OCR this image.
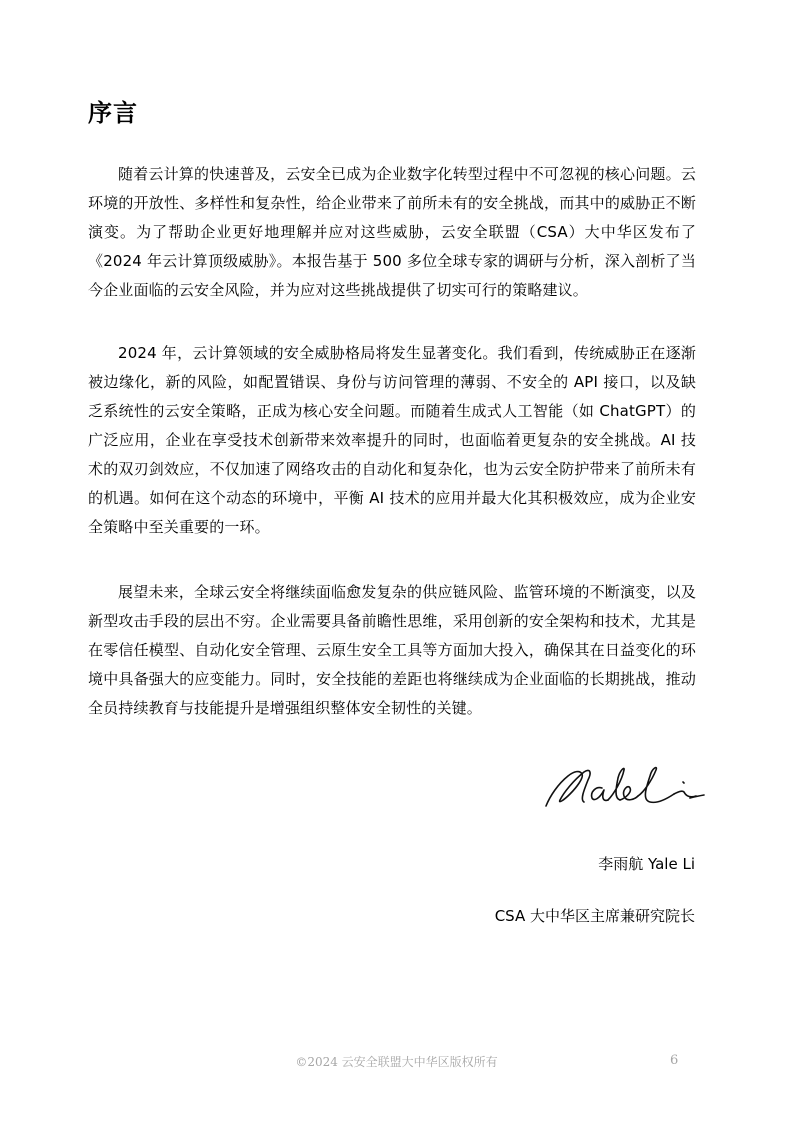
序言

随着云计算的快速普及，云安全已成为企业数字化转型过程中不可忽视的核心问题。云环境的开放性、多样性和复杂性，给企业带来了前所未有的安全挑战，而其中的威胁正不断演变。为了帮助企业更好地理解并应对这些威胁，云安全联盟（CSA）大中华区发布了《2024 年云计算顶级威胁》。本报告基于 500 多位全球专家的调研与分析，深入剖析了当今企业面临的云安全风险，并为应对这些挑战提供了切实可行的策略建议。

2024 年，云计算领域的安全威胁格局将发生显著变化。我们看到，传统威胁正在逐渐被边缘化，新的风险，如配置错误、身份与访问管理的薄弱、不安全的 API 接口，以及缺乏系统性的云安全策略，正成为核心安全问题。而随着生成式人工智能（如 ChatGPT）的广泛应用，企业在享受技术创新带来效率提升的同时，也面临着更复杂的安全挑战。AI 技术的双刃剑效应，不仅加速了网络攻击的自动化和复杂化，也为云安全防护带来了前所未有的机遇。如何在这个动态的环境中，平衡 AI 技术的应用并最大化其积极效应，成为企业安全策略中至关重要的一环。

展望未来，全球云安全将继续面临愈发复杂的供应链风险、监管环境的不断演变，以及新型攻击手段的层出不穷。企业需要具备前瞻性思维，采用创新的安全架构和技术，尤其是在零信任模型、自动化安全管理、云原生安全工具等方面加大投入，确保其在日益变化的环境中具备强大的应变能力。同时，安全技能的差距也将继续成为企业面临的长期挑战，推动全员持续教育与技能提升是增强组织整体安全韧性的关键。

李雨航 Yale Li

CSA 大中华区主席兼研究院长

©2024 云安全联盟大中华区版权所有	6
